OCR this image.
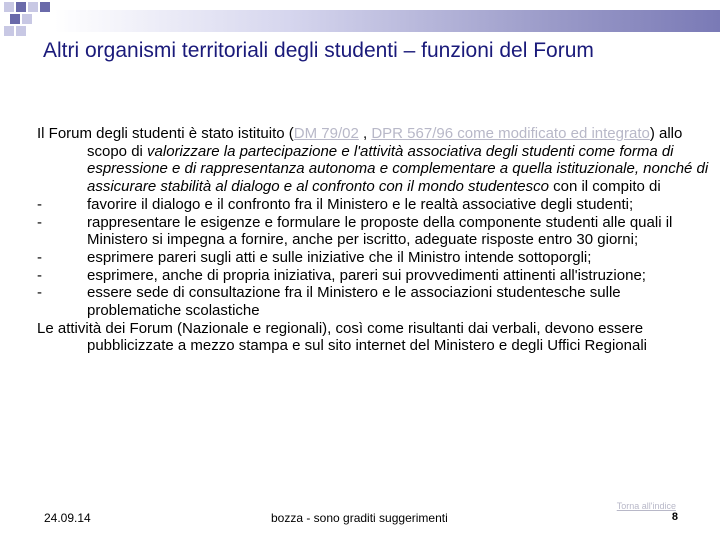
Altri organismi territoriali degli studenti – funzioni del Forum

Il Forum degli studenti è stato istituito (DM 79/02 , DPR 567/96 come modificato ed integrato) allo scopo di valorizzare la partecipazione e l'attività associativa degli studenti come forma di espressione e di rappresentanza autonoma e complementare a quella istituzionale, nonché di assicurare stabilità al dialogo e al confronto con il mondo studentesco con il compito di

-	favorire il dialogo e il confronto fra il Ministero e le realtà associative degli studenti;

-	rappresentare le esigenze e formulare le proposte della componente studenti alle quali il Ministero si impegna a fornire, anche per iscritto, adeguate risposte entro 30 giorni;

-	esprimere pareri sugli atti e sulle iniziative che il Ministro intende sottoporgli;

-	esprimere, anche di propria iniziativa, pareri sui provvedimenti attinenti all'istruzione;

-	essere sede di consultazione fra il Ministero e le associazioni studentesche sulle problematiche scolastiche

Le attività dei Forum (Nazionale e regionali), così come risultanti dai verbali, devono essere pubblicizzate a mezzo stampa e sul sito internet del Ministero e degli Uffici Regionali

24.09.14	bozza - sono graditi suggerimenti
Torna all'indice
8
